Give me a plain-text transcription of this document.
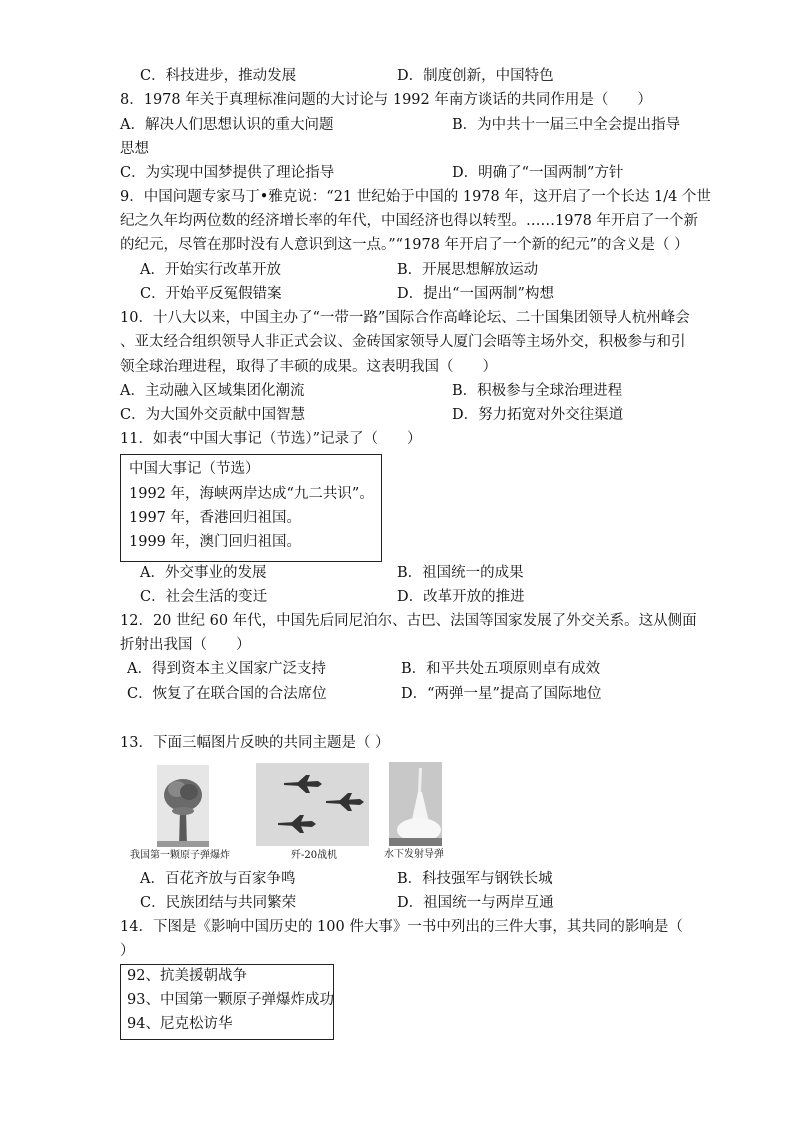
C．科技进步，推动发展	D．制度创新，中国特色
8．1978 年关于真理标准问题的大讨论与 1992 年南方谈话的共同作用是（　　）
A．解决人们思想认识的重大问题	B．为中共十一届三中全会提出指导
思想
C．为实现中国梦提供了理论指导	D．明确了“一国两制”方针
9．中国问题专家马丁•雅克说：“21 世纪始于中国的 1978 年，这开启了一个长达 1/4 个世
纪之久年均两位数的经济增长率的年代，中国经济也得以转型。……1978 年开启了一个新
的纪元，尽管在那时没有人意识到这一点。”“1978 年开启了一个新的纪元”的含义是（ ）
A．开始实行改革开放	B．开展思想解放运动
C．开始平反冤假错案	D．提出“一国两制”构想
10．十八大以来，中国主办了“一带一路”国际合作高峰论坛、二十国集团领导人杭州峰会
、亚太经合组织领导人非正式会议、金砖国家领导人厦门会晤等主场外交，积极参与和引
领全球治理进程，取得了丰硕的成果。这表明我国（　　）
A．主动融入区域集团化潮流	B．积极参与全球治理进程
C．为大国外交贡献中国智慧	D．努力拓宽对外交往渠道
11．如表“中国大事记（节选）”记录了（　　）
中国大事记（节选）
1992 年，海峡两岸达成“九二共识”。
1997 年，香港回归祖国。
1999 年，澳门回归祖国。
A．外交事业的发展	B．祖国统一的成果
C．社会生活的变迁	D．改革开放的推进
12．20 世纪 60 年代，中国先后同尼泊尔、古巴、法国等国家发展了外交关系。这从侧面
折射出我国（　　）
A．得到资本主义国家广泛支持	B．和平共处五项原则卓有成效
C．恢复了在联合国的合法席位	D．“两弹一星”提高了国际地位
13．下面三幅图片反映的共同主题是（ ）
我国第一颗原子弹爆炸	歼-20战机	水下发射导弹
A．百花齐放与百家争鸣	B．科技强军与钢铁长城
C．民族团结与共同繁荣	D．祖国统一与两岸互通
14．下图是《影响中国历史的 100 件大事》一书中列出的三件大事，其共同的影响是（
）
92、抗美援朝战争
93、中国第一颗原子弹爆炸成功
94、尼克松访华
